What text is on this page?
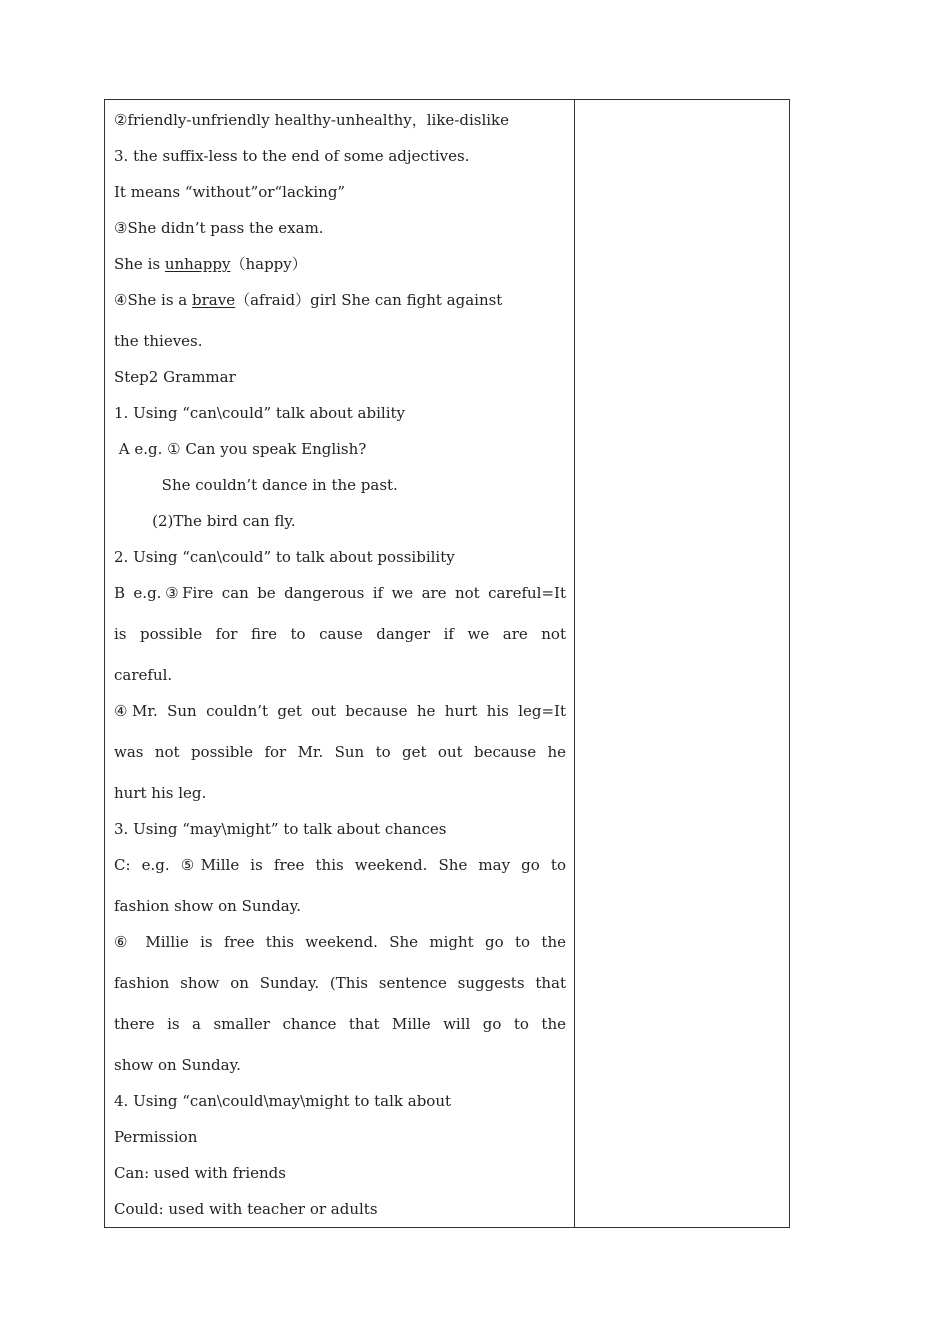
②friendly-unfriendly healthy-unhealthy，like-dislike
3. the suffix-less to the end of some adjectives.
It means “without”or“lacking”
③She didn’t pass the exam.
She is unhappy（happy）
④She is a brave（afraid）girl She can fight against
the thieves.
Step2 Grammar
1. Using “can\could” talk about ability
A e.g. ① Can you speak English?
She couldn’t dance in the past.
(2)The bird can fly.
2. Using “can\could” to talk about possibility
B e.g.③Fire can be dangerous if we are not careful=It
is possible for fire to cause danger if we are not
careful.
④Mr. Sun couldn’t get out because he hurt his leg=It
was not possible for Mr. Sun to get out because he
hurt his leg.
3. Using “may\might” to talk about chances
C: e.g. ⑤Mille is free this weekend. She may go to
fashion show on Sunday.
⑥ Millie is free this weekend. She might go to the
fashion show on Sunday. (This sentence suggests that
there is a smaller chance that Mille will go to the
show on Sunday.
4. Using “can\could\may\might to talk about
Permission
Can: used with friends
Could: used with teacher or adults
